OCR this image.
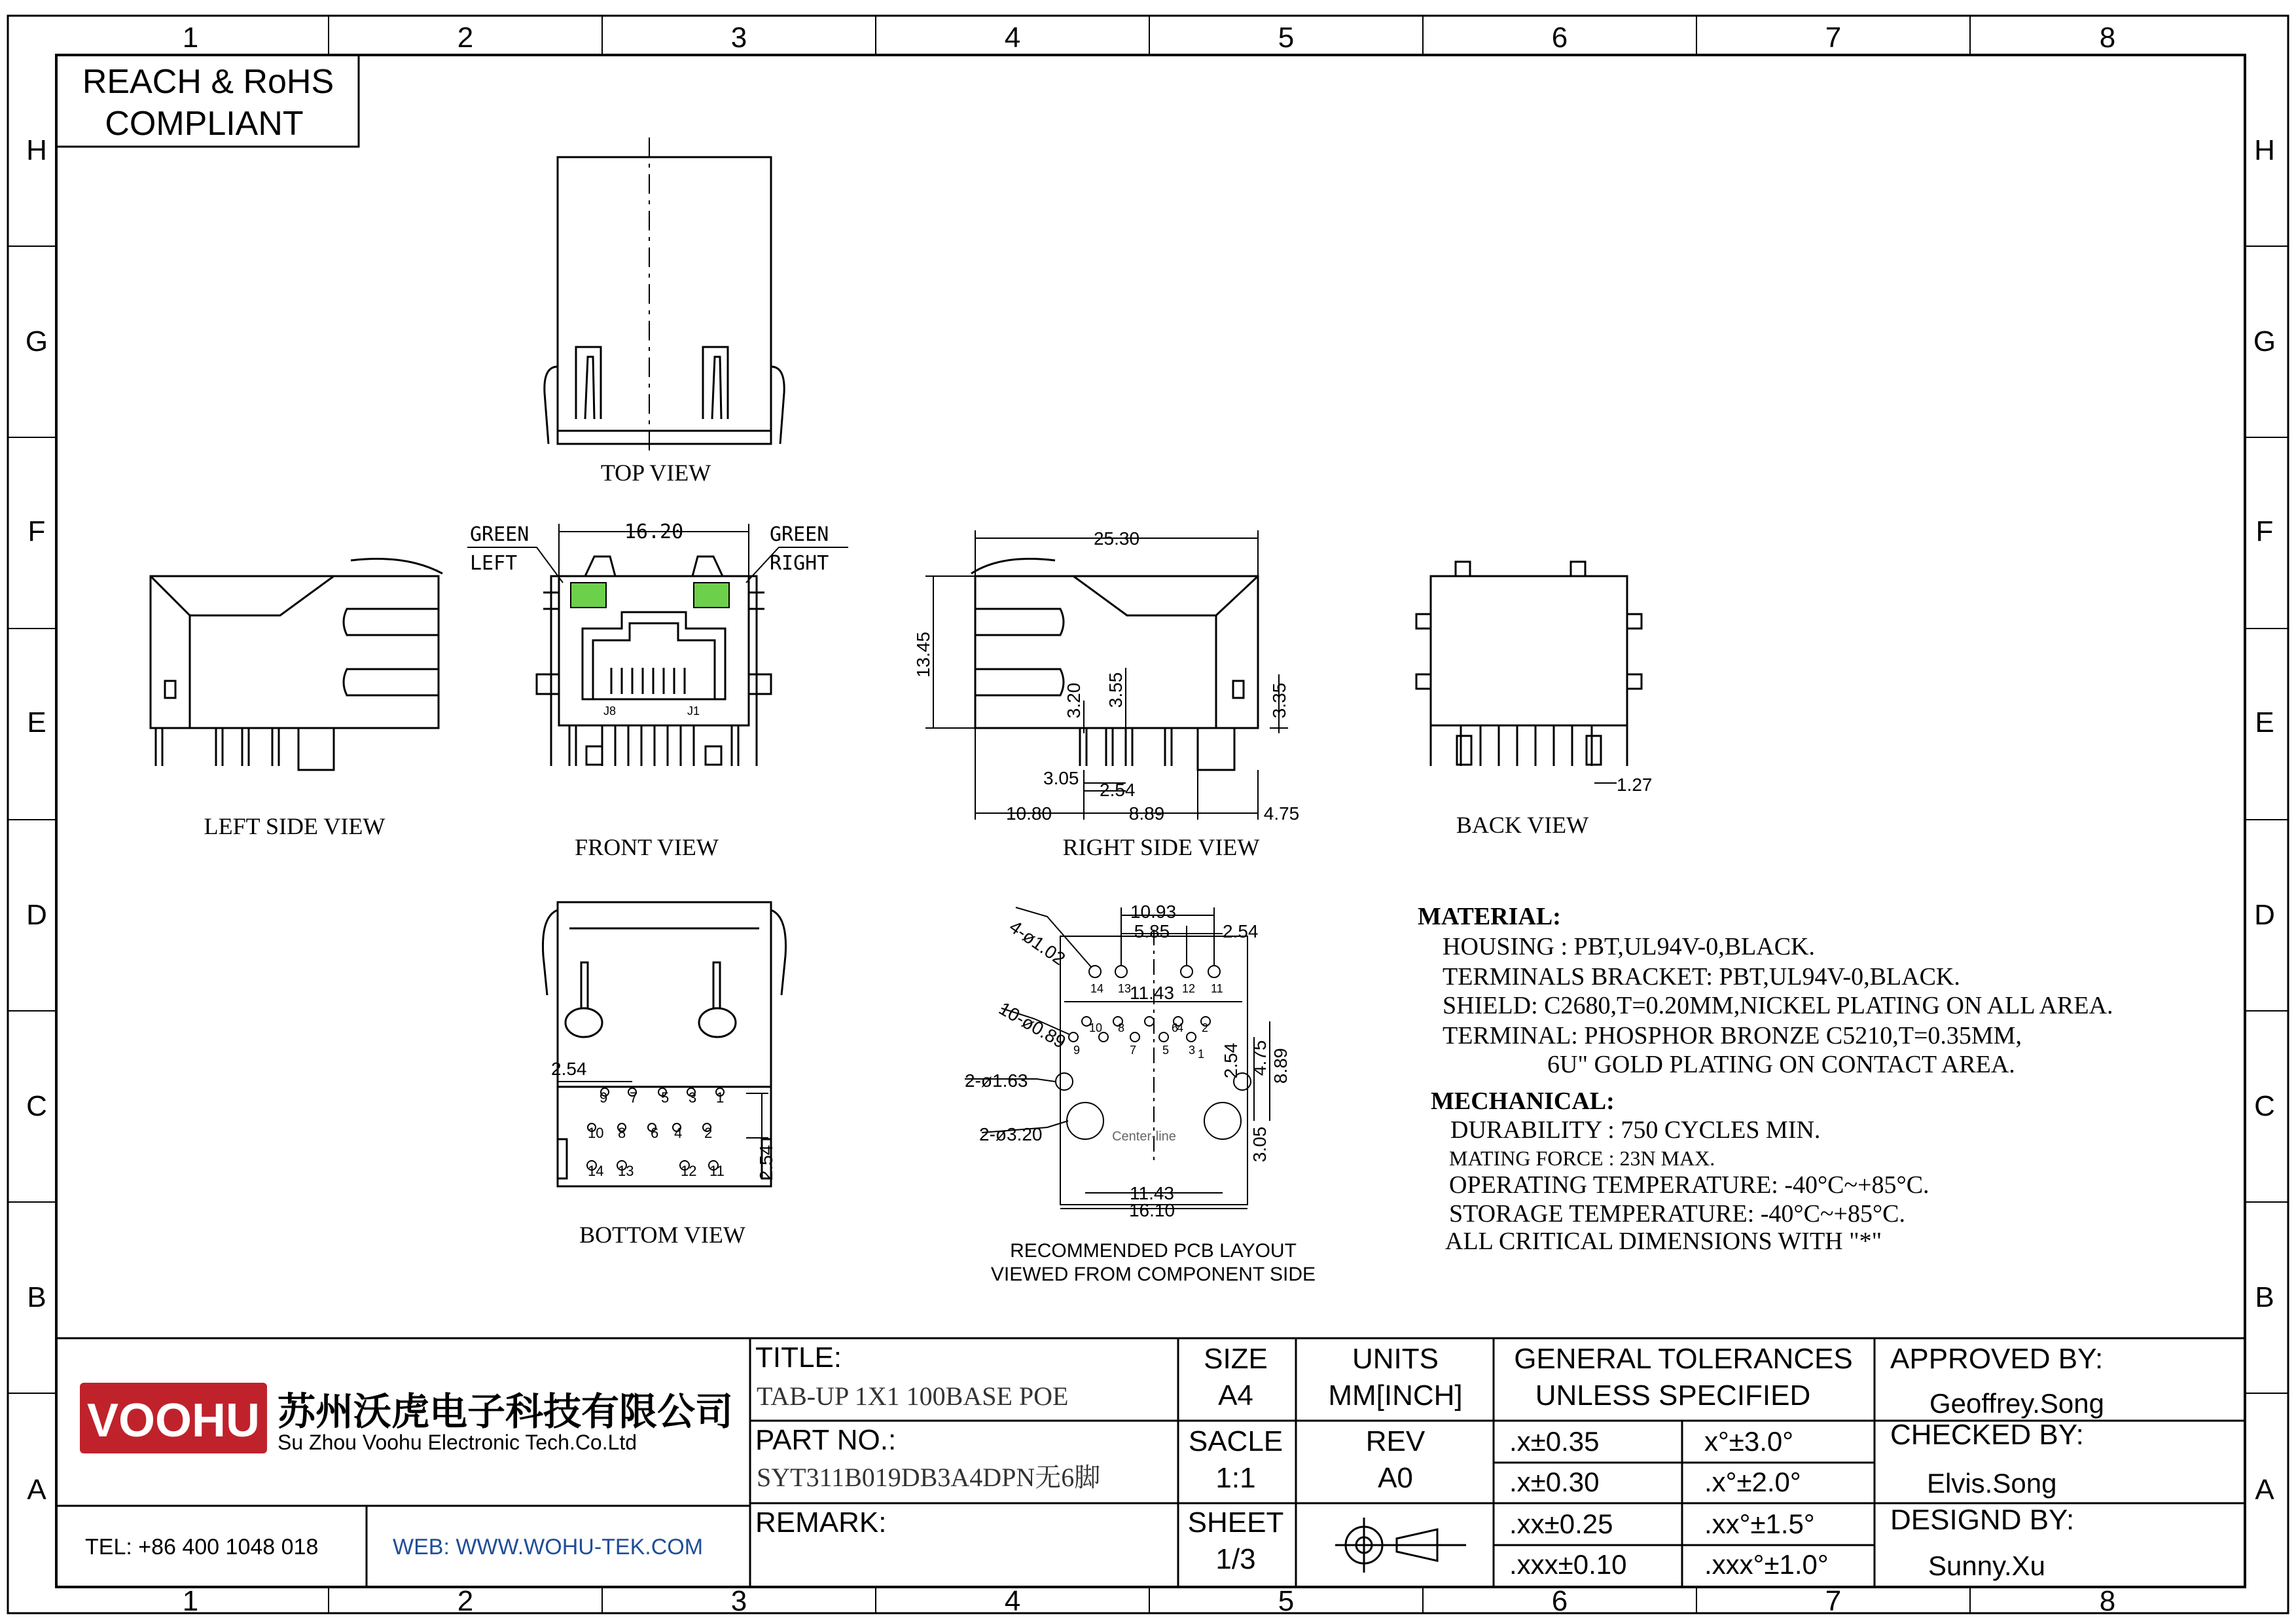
1	2	3	4	5	6	7	8
1	2	3	4	5	6	7	8
H
G
F
E
D
C
B
A
H
G
F
E
D
C
B
A
REACH & RoHS
COMPLIANT
TOP VIEW
LEFT SIDE VIEW
16.20
GREEN
LEFT
GREEN
RIGHT
J8	J1
FRONT VIEW
25.30
13.45
3.20 3.55	3.35
3.05
2.54
10.80	8.89	4.75
RIGHT SIDE VIEW
1.27
BACK VIEW
9 7 5 3 1
10 8 6 4 2
14 13	12 11
2.54
2.54
BOTTOM VIEW
14 13	12 11
10 8	6
4 2
9	7 5 3 1
4-ø1.02
10-ø0.89
2-ø1.63
2-ø3.20
10.93
5.85	2.54
11.43
2.54 4.75 8.89
3.05
11.43
16.10
Center-line
RECOMMENDED PCB LAYOUT
VIEWED FROM COMPONENT SIDE
MATERIAL:
HOUSING : PBT,UL94V-0,BLACK.
TERMINALS BRACKET: PBT,UL94V-0,BLACK.
SHIELD: C2680,T=0.20MM,NICKEL PLATING ON ALL AREA.
TERMINAL: PHOSPHOR BRONZE C5210,T=0.35MM,
6U" GOLD PLATING ON CONTACT AREA.
MECHANICAL:
DURABILITY : 750 CYCLES MIN.
MATING FORCE : 23N MAX.
OPERATING TEMPERATURE: -40°C~+85°C.
STORAGE TEMPERATURE: -40°C~+85°C.
ALL CRITICAL DIMENSIONS WITH "*"
VOOHU 苏州沃虎电子科技有限公司
Su Zhou Voohu Electronic Tech.Co.Ltd
TEL: +86 400 1048 018	WEB: WWW.WOHU-TEK.COM
TITLE:
PART NO.:
REMARK:
SIZE
A4
UNITS
MM[INCH]
SACLE
1:1
REV
A0
SHEET
1/3
GENERAL TOLERANCES
UNLESS SPECIFIED
APPROVED BY:
CHECKED BY:
DESIGND BY:
TAB-UP 1X1 100BASE POE
SYT311B019DB3A4DPN无6脚
.x±0.35	x°±3.0°
.x±0.30	.x°±2.0°
.xx±0.25	.xx°±1.5°
.xxx±0.10	.xxx°±1.0°
Geoffrey.Song
Elvis.Song
Sunny.Xu
